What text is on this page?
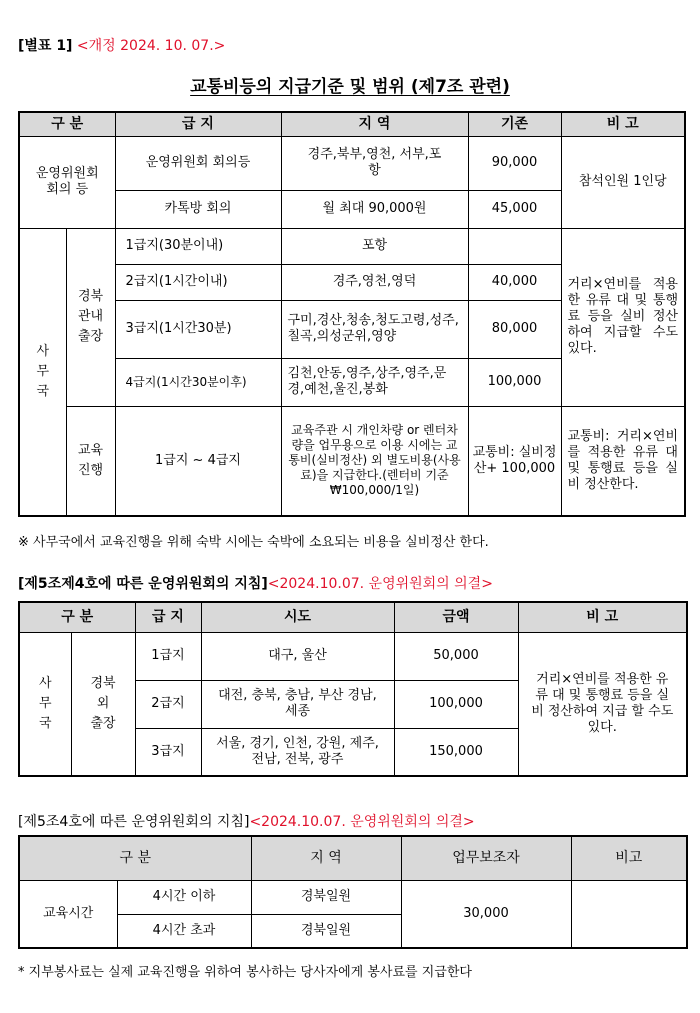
[별표 1] <개정 2024. 10. 07.>
교통비등의 지급기준 및 범위 (제7조 관련)
구 분		급 지	지 역	기존	비 고
운영위원회 회의 등		운영위원회 회의등	경주,북부,영천, 서부,포항	90,000	참석인원 1인당
		카톡방 회의	월 최대 90,000원	45,000	

사무국	경북 관내 출장	1급지(30분이내)	포항		거리×연비를 적용한 유류 대 및 통행료 등을 실비 정산하여 지급할 수도 있다.
		2급지(1시간이내)	경주,영천,영덕	40,000	
		3급지(1시간30분)	구미,경산,청송,청도고령,성주,칠곡,의성군위,영양	80,000	
		4급지(1시간30분이후)	김천,안동,영주,상주,영주,문경,예천,울진,봉화	100,000	

	교육 진행	1급지 ~ 4급지	교육주관 시 개인차량 or 렌터차량을 업무용으로 이용 시에는 교통비(실비정산) 외 별도비용(사용료)을 지급한다.(렌터비 기준 ₩100,000/1일)	교통비: 실비정산+ 100,000	교통비: 거리×연비를 적용한 유류 대 및 통행료 등을 실비 정산한다.
※ 사무국에서 교육진행을 위해 숙박 시에는 숙박에 소요되는 비용을 실비정산 한다.
[제5조제4호에 따른 운영위원회의 지침]<2024.10.07. 운영위원회의 의결>
구 분		급 지	시도	금액	비 고

사 무 국	경북 외 출장	1급지	대구, 울산	50,000	거리×연비를 적용한 유류 대 및 통행료 등을 실비 정산하여 지급 할 수도 있다.
		2급지	대전, 충북, 충남, 부산 경남, 세종	100,000	
		3급지	서울, 경기, 인천, 강원, 제주, 전남, 전북, 광주	150,000	
[제5조4호에 따른 운영위원회의 지침]<2024.10.07. 운영위원회의 의결>
구 분		지 역	업무보조자	비고
교육시간	4시간 이하	경북일원	30,000	
	4시간 초과	경북일원		
* 지부봉사료는 실제 교육진행을 위하여 봉사하는 당사자에게 봉사료를 지급한다
